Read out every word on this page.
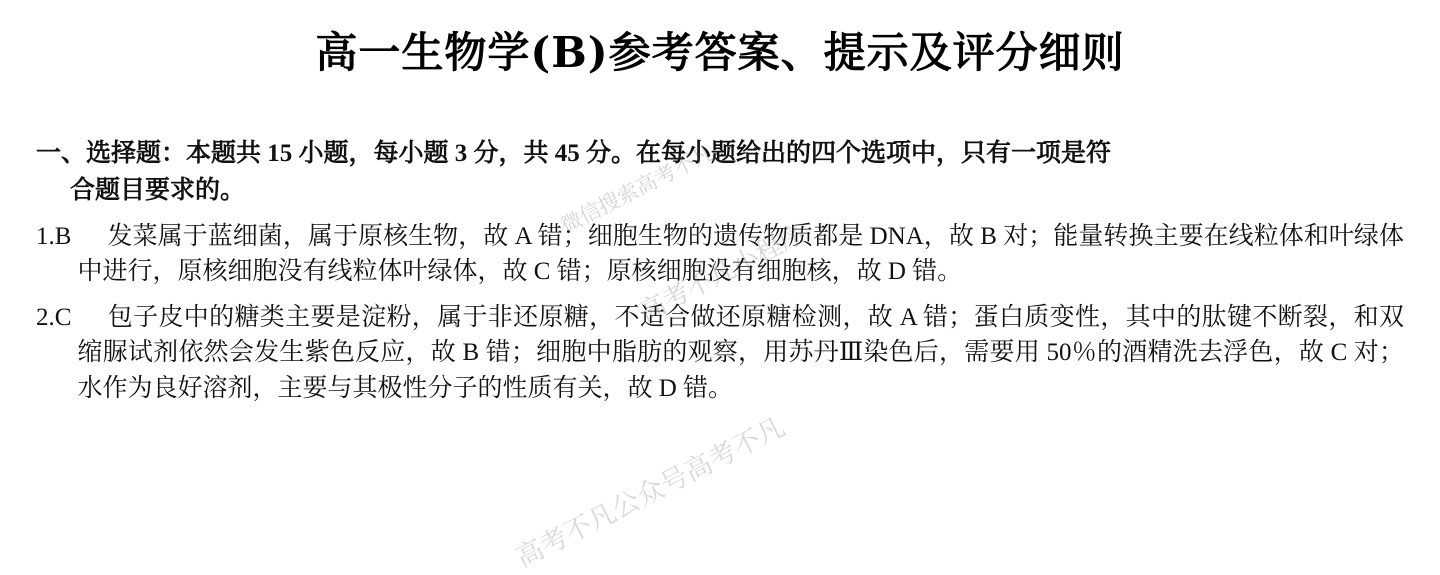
高一生物学(B)参考答案、提示及评分细则
一、选择题：本题共 15 小题，每小题 3 分，共 45 分。在每小题给出的四个选项中，只有一项是符
合题目要求的。
1.B	发菜属于蓝细菌，属于原核生物，故 A 错；细胞生物的遗传物质都是 DNA，故 B 对；能量转换主要在线粒体和叶绿体中进行，原核细胞没有线粒体叶绿体，故 C 错；原核细胞没有细胞核，故 D 错。
2.C	包子皮中的糖类主要是淀粉，属于非还原糖，不适合做还原糖检测，故 A 错；蛋白质变性，其中的肽键不断裂，和双缩脲试剂依然会发生紫色反应，故 B 错；细胞中脂肪的观察，用苏丹Ⅲ染色后，需要用 50％的酒精洗去浮色，故 C 对；水作为良好溶剂，主要与其极性分子的性质有关，故 D 错。
微信搜索高考不凡
高考不凡小程序
高考不凡公众号高考不凡
